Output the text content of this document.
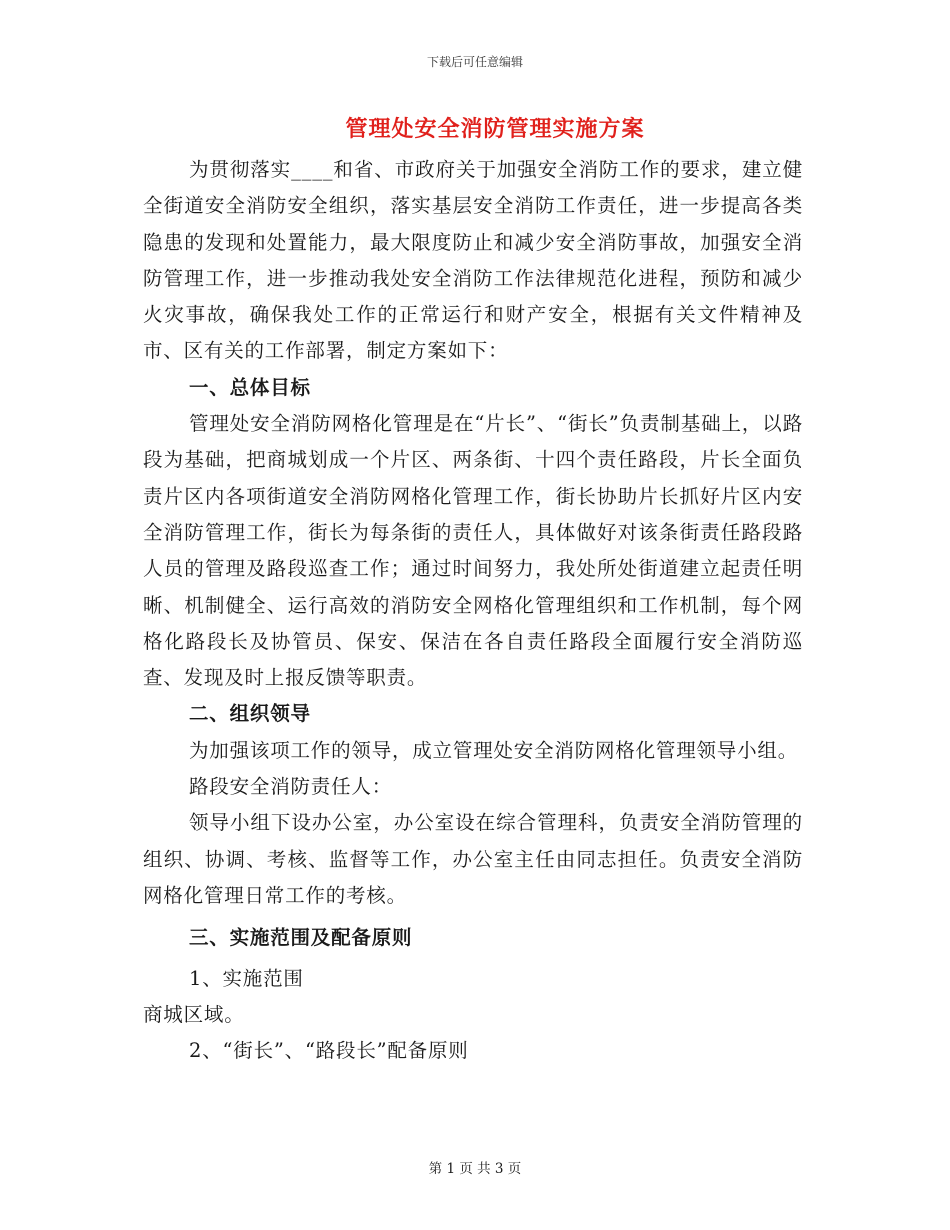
下载后可任意编辑
管理处安全消防管理实施方案

为贯彻落实____和省、市政府关于加强安全消防工作的要求，建立健全街道安全消防安全组织，落实基层安全消防工作责任，进一步提高各类隐患的发现和处置能力，最大限度防止和减少安全消防事故，加强安全消防管理工作，进一步推动我处安全消防工作法律规范化进程，预防和减少火灾事故，确保我处工作的正常运行和财产安全，根据有关文件精神及市、区有关的工作部署，制定方案如下：

一、总体目标

管理处安全消防网格化管理是在“片长”、“街长”负责制基础上，以路段为基础，把商城划成一个片区、两条街、十四个责任路段，片长全面负责片区内各项街道安全消防网格化管理工作，街长协助片长抓好片区内安全消防管理工作，街长为每条街的责任人，具体做好对该条街责任路段路人员的管理及路段巡查工作；通过时间努力，我处所处街道建立起责任明晰、机制健全、运行高效的消防安全网格化管理组织和工作机制，每个网格化路段长及协管员、保安、保洁在各自责任路段全面履行安全消防巡查、发现及时上报反馈等职责。

二、组织领导

为加强该项工作的领导，成立管理处安全消防网格化管理领导小组。

路段安全消防责任人：

领导小组下设办公室，办公室设在综合管理科，负责安全消防管理的组织、协调、考核、监督等工作，办公室主任由同志担任。负责安全消防网格化管理日常工作的考核。

三、实施范围及配备原则

1、实施范围

商城区域。

2、“街长”、“路段长”配备原则

第 1 页 共 3 页
